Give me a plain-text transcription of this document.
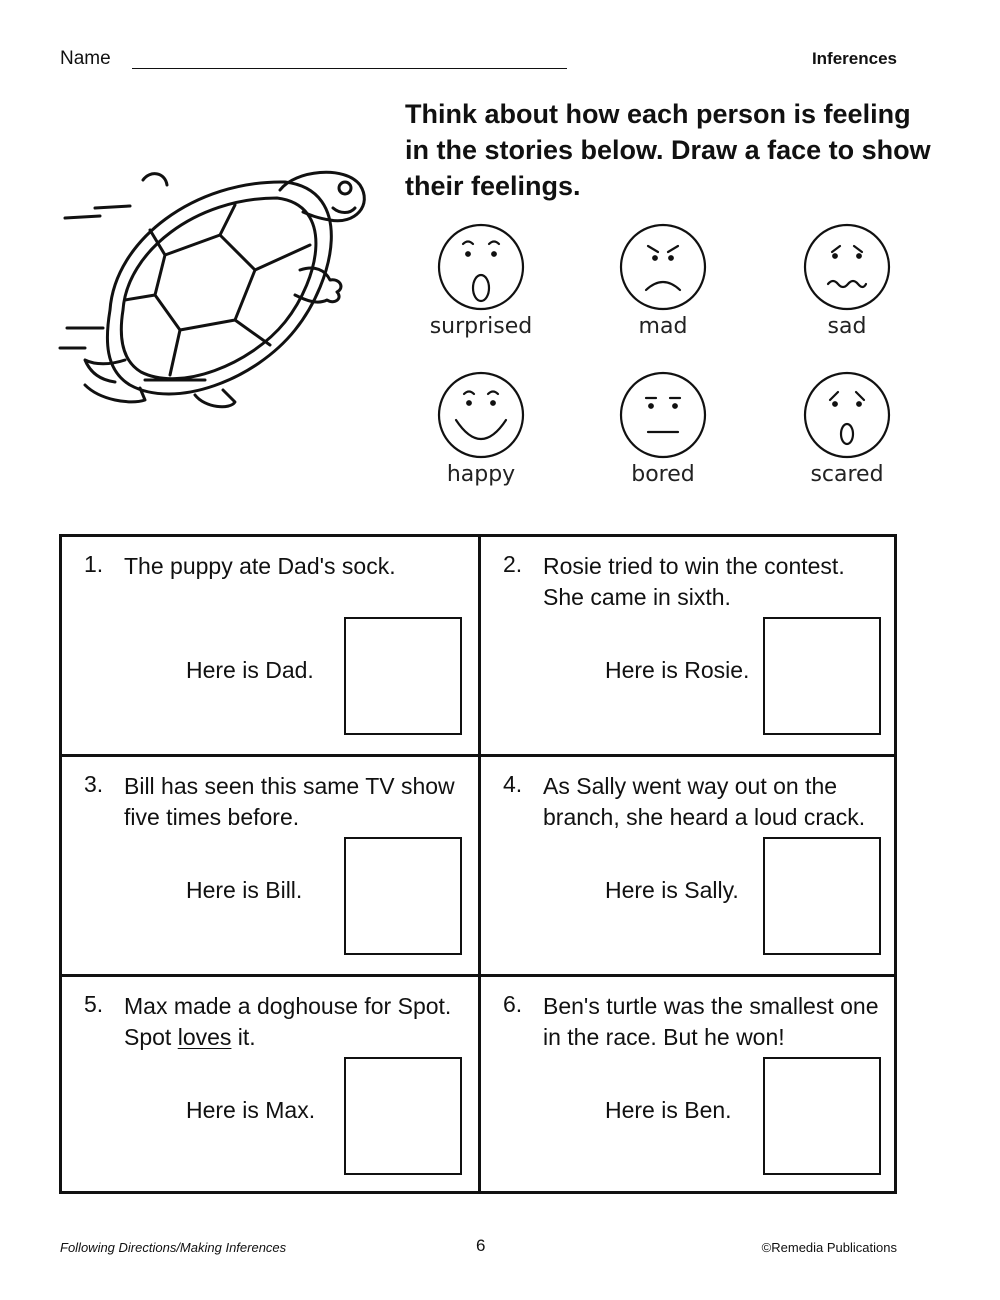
Name	Inferences

Think about how each person is feeling in the stories below. Draw a face to show their feelings.

surprised	mad	sad
happy	bored	scared
1. The puppy ate Dad's sock.
Here is Dad.
2. Rosie tried to win the contest. She came in sixth.
Here is Rosie.
3. Bill has seen this same TV show five times before.
Here is Bill.
4. As Sally went way out on the branch, she heard a loud crack.
Here is Sally.
5. Max made a doghouse for Spot. Spot loves it.
Here is Max.
6. Ben's turtle was the smallest one in the race. But he won!
Here is Ben.
Following Directions/Making Inferences	6	©Remedia Publications
